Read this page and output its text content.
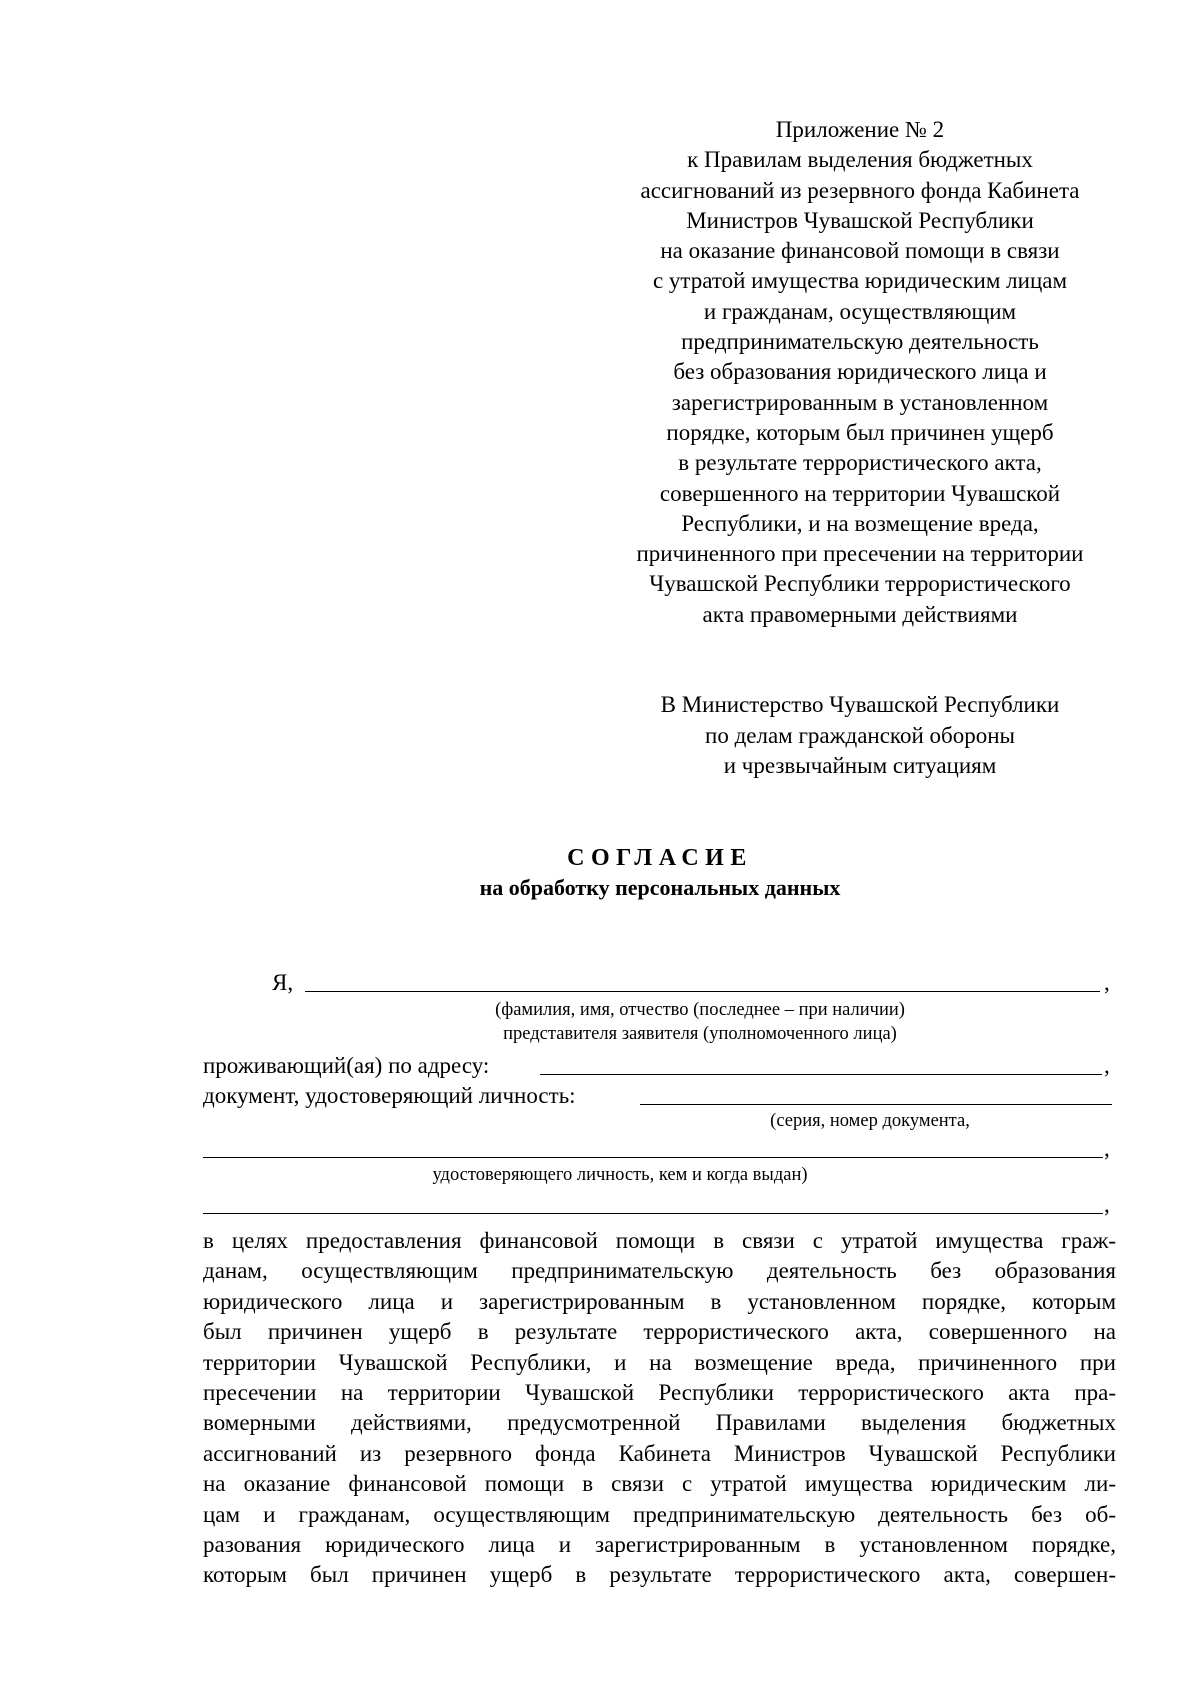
Приложение № 2
к Правилам выделения бюджетных
ассигнований из резервного фонда Кабинета
Министров Чувашской Республики
на оказание финансовой помощи в связи
с утратой имущества юридическим лицам
и гражданам, осуществляющим
предпринимательскую деятельность
без образования юридического лица и
зарегистрированным в установленном
порядке, которым был причинен ущерб
в результате террористического акта,
совершенного на территории Чувашской
Республики, и на возмещение вреда,
причиненного при пресечении на территории
Чувашской Республики террористического
акта правомерными действиями
В Министерство Чувашской Республики
по делам гражданской обороны
и чрезвычайным ситуациям
СОГЛАСИЕ
на обработку персональных данных
Я,	,
(фамилия, имя, отчество (последнее – при наличии)
представителя заявителя (уполномоченного лица)
проживающий(ая) по адресу:	,
документ, удостоверяющий личность:
(серия, номер документа,
,
удостоверяющего личность, кем и когда выдан)
,
в целях предоставления финансовой помощи в связи с утратой имущества граж-
данам, осуществляющим предпринимательскую деятельность без образования
юридического лица и зарегистрированным в установленном порядке, которым
был причинен ущерб в результате террористического акта, совершенного на
территории Чувашской Республики, и на возмещение вреда, причиненного при
пресечении на территории Чувашской Республики террористического акта пра-
вомерными действиями, предусмотренной Правилами выделения бюджетных
ассигнований из резервного фонда Кабинета Министров Чувашской Республики
на оказание финансовой помощи в связи с утратой имущества юридическим ли-
цам и гражданам, осуществляющим предпринимательскую деятельность без об-
разования юридического лица и зарегистрированным в установленном порядке,
которым был причинен ущерб в результате террористического акта, совершен-
